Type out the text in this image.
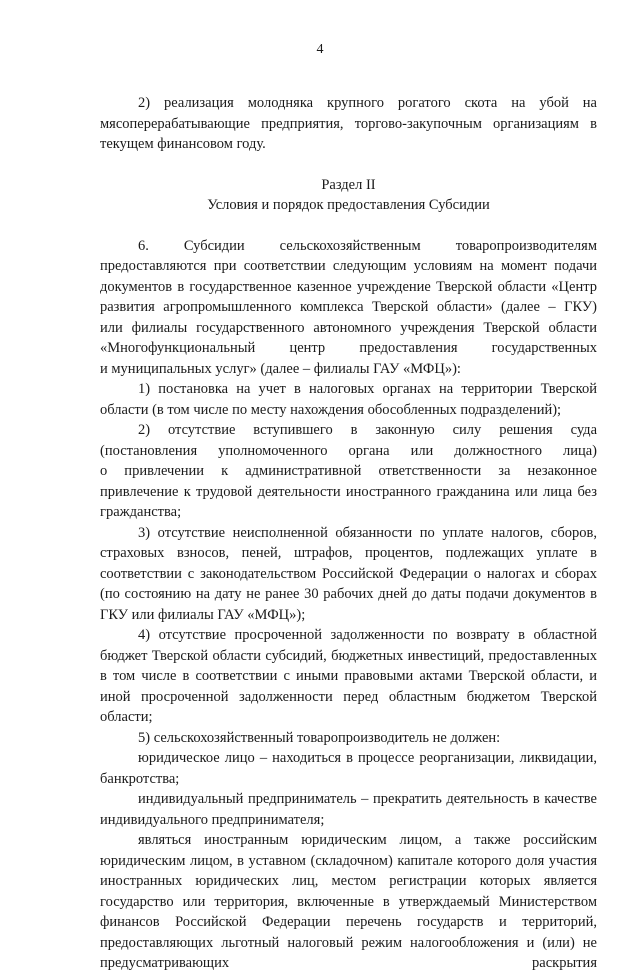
4

2) реализация молодняка крупного рогатого скота на убой на мясоперерабатывающие предприятия, торгово-закупочным организациям в текущем финансовом году.

Раздел II

Условия и порядок предоставления Субсидии

6. Субсидии сельскохозяйственным товаропроизводителям
предоставляются при соответствии следующим условиям на момент подачи
документов в государственное казенное учреждение Тверской области «Центр
развития агропромышленного комплекса Тверской области» (далее – ГКУ)
или филиалы государственного автономного учреждения Тверской области
«Многофункциональный центр предоставления государственных
и муниципальных услуг» (далее – филиалы ГАУ «МФЦ»):

1) постановка на учет в налоговых органах на территории Тверской области (в том числе по месту нахождения обособленных подразделений);

2) отсутствие вступившего в законную силу решения суда
(постановления уполномоченного органа или должностного лица)
о привлечении к административной ответственности за незаконное
привлечение к трудовой деятельности иностранного гражданина или лица без
гражданства;

3) отсутствие неисполненной обязанности по уплате налогов, сборов, страховых взносов, пеней, штрафов, процентов, подлежащих уплате в соответствии с законодательством Российской Федерации о налогах и сборах (по состоянию на дату не ранее 30 рабочих дней до даты подачи документов в ГКУ или филиалы ГАУ «МФЦ»);

4) отсутствие просроченной задолженности по возврату в областной бюджет Тверской области субсидий, бюджетных инвестиций, предоставленных в том числе в соответствии с иными правовыми актами Тверской области, и иной просроченной задолженности перед областным бюджетом Тверской области;

5) сельскохозяйственный товаропроизводитель не должен:

юридическое лицо – находиться в процессе реорганизации, ликвидации, банкротства;

индивидуальный предприниматель – прекратить деятельность в качестве индивидуального предпринимателя;

являться иностранным юридическим лицом, а также российским юридическим лицом, в уставном (складочном) капитале которого доля участия иностранных юридических лиц, местом регистрации которых является государство или территория, включенные в утверждаемый Министерством финансов Российской Федерации перечень государств и территорий, предоставляющих льготный налоговый режим налогообложения и (или) не предусматривающих раскрытия
